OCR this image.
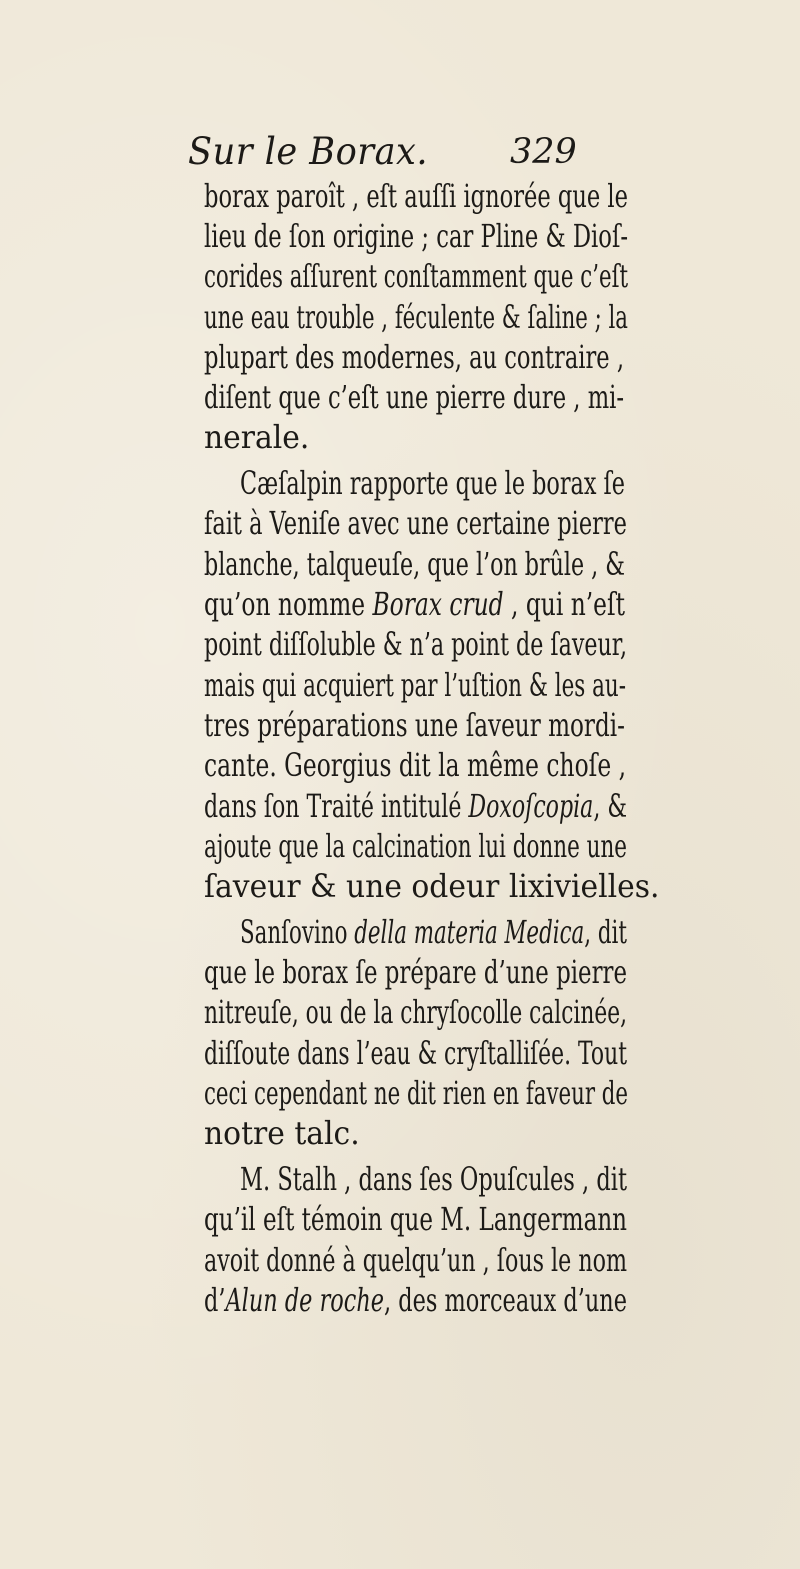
Sur le Borax. 329
borax paroît , eſt auſſi ignorée que le
lieu de ſon origine ; car Pline & Dioſ-
corides aſſurent conſtamment que c’eſt
une eau trouble , féculente & ſaline ; la
plupart des modernes, au contraire ,
diſent que c’eſt une pierre dure , mi-
nerale.
Cæſalpin rapporte que le borax ſe
fait à Veniſe avec une certaine pierre
blanche, talqueuſe, que l’on brûle , &
qu’on nomme Borax crud , qui n’eſt
point diſſoluble & n’a point de ſaveur,
mais qui acquiert par l’uſtion & les au-
tres préparations une ſaveur mordi-
cante. Georgius dit la même choſe ,
dans ſon Traité intitulé Doxoſcopia, &
ajoute que la calcination lui donne une
ſaveur & une odeur lixivielles.
Sanſovino della materia Medica, dit
que le borax ſe prépare d’une pierre
nitreuſe, ou de la chryſocolle calcinée,
diſſoute dans l’eau & cryſtalliſée. Tout
ceci cependant ne dit rien en faveur de
notre talc.
M. Stalh , dans ſes Opuſcules , dit
qu’il eſt témoin que M. Langermann
avoit donné à quelqu’un , ſous le nom
d’Alun de roche, des morceaux d’une
